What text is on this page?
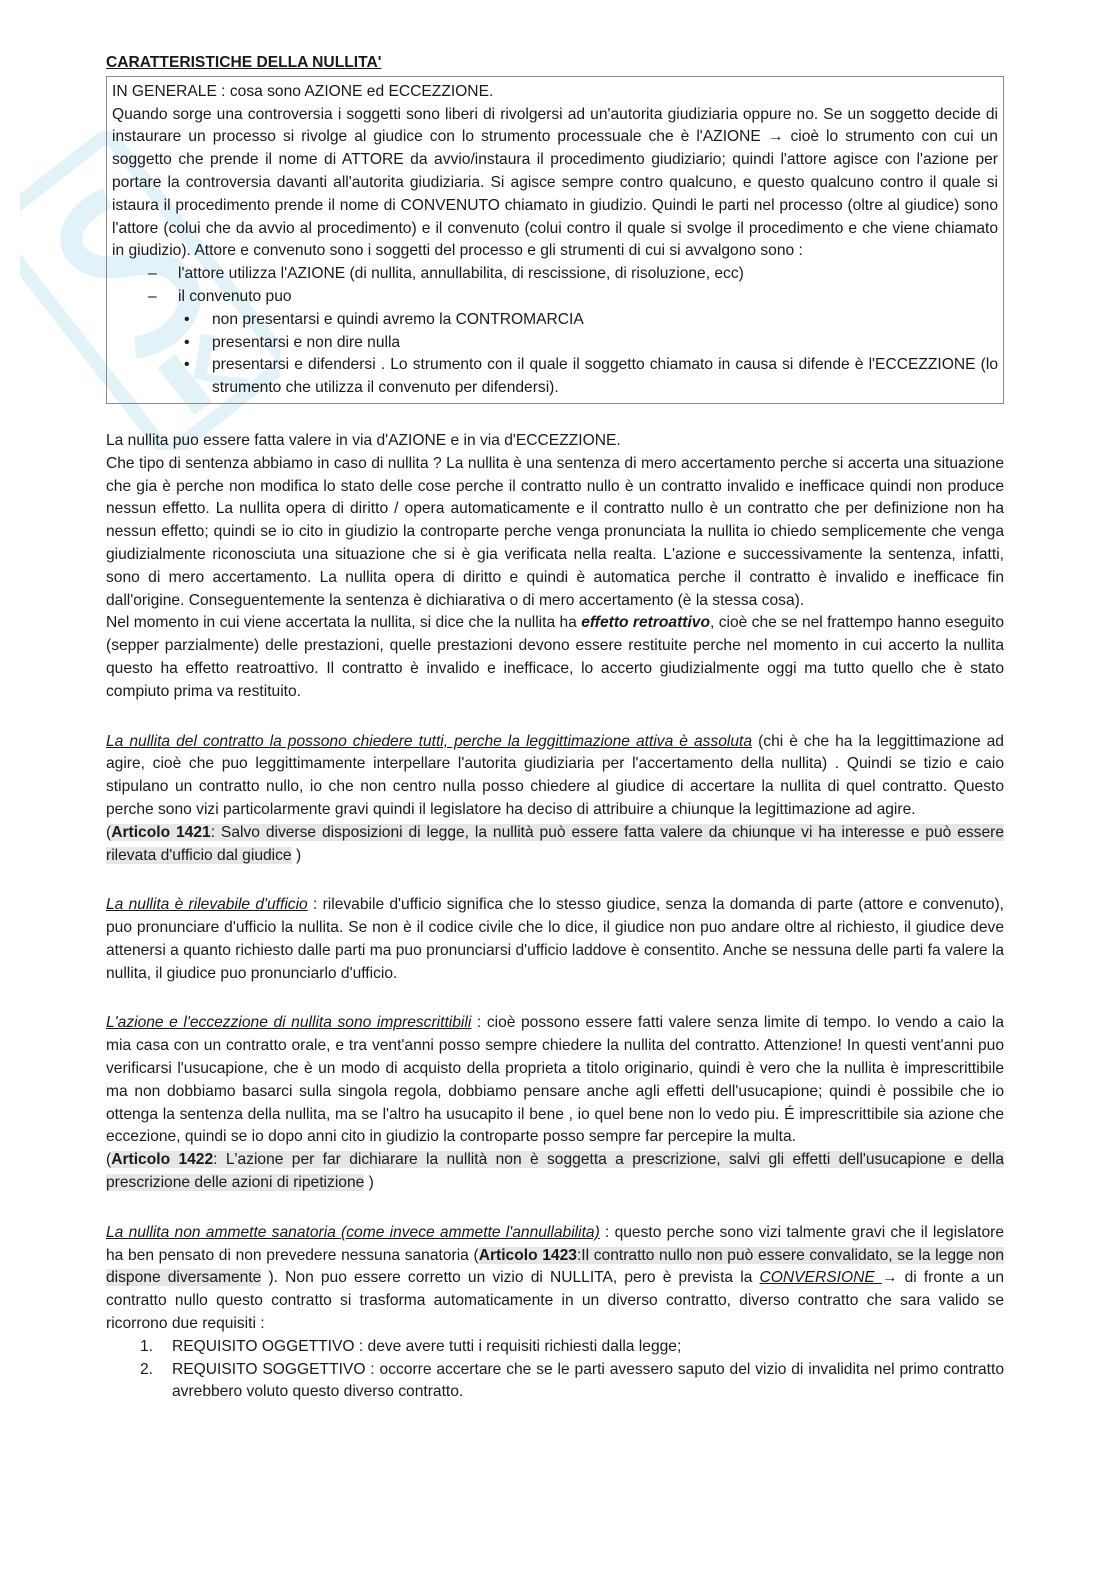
CARATTERISTICHE DELLA NULLITA'

IN GENERALE : cosa sono AZIONE ed ECCEZZIONE.

Quando sorge una controversia i soggetti sono liberi di rivolgersi ad un'autorita giudiziaria oppure no. Se un soggetto decide di instaurare un processo si rivolge al giudice con lo strumento processuale che è l'AZIONE → cioè lo strumento con cui un soggetto che prende il nome di ATTORE da avvio/instaura il procedimento giudiziario; quindi l'attore agisce con l'azione per portare la controversia davanti all'autorita giudiziaria. Si agisce sempre contro qualcuno, e questo qualcuno contro il quale si istaura il procedimento prende il nome di CONVENUTO chiamato in giudizio. Quindi le parti nel processo (oltre al giudice) sono l'attore (colui che da avvio al procedimento) e il convenuto (colui contro il quale si svolge il procedimento e che viene chiamato in giudizio). Attore e convenuto sono i soggetti del processo e gli strumenti di cui si avvalgono sono :

– l'attore utilizza l'AZIONE (di nullita, annullabilita, di rescissione, di risoluzione, ecc)
– il convenuto puo
• non presentarsi e quindi avremo la CONTROMARCIA
• presentarsi e non dire nulla
• presentarsi e difendersi . Lo strumento con il quale il soggetto chiamato in causa si difende è l'ECCEZZIONE (lo strumento che utilizza il convenuto per difendersi).

La nullita puo essere fatta valere in via d'AZIONE e in via d'ECCEZZIONE.

Che tipo di sentenza abbiamo in caso di nullita ? La nullita è una sentenza di mero accertamento perche si accerta una situazione che gia è perche non modifica lo stato delle cose perche il contratto nullo è un contratto invalido e inefficace quindi non produce nessun effetto. La nullita opera di diritto / opera automaticamente e il contratto nullo è un contratto che per definizione non ha nessun effetto; quindi se io cito in giudizio la controparte perche venga pronunciata la nullita io chiedo semplicemente che venga giudizialmente riconosciuta una situazione che si è gia verificata nella realta. L'azione e successivamente la sentenza, infatti, sono di mero accertamento. La nullita opera di diritto e quindi è automatica perche il contratto è invalido e inefficace fin dall'origine. Conseguentemente la sentenza è dichiarativa o di mero accertamento (è la stessa cosa).

Nel momento in cui viene accertata la nullita, si dice che la nullita ha effetto retroattivo, cioè che se nel frattempo hanno eseguito (sepper parzialmente) delle prestazioni, quelle prestazioni devono essere restituite perche nel momento in cui accerto la nullita questo ha effetto reatroattivo. Il contratto è invalido e inefficace, lo accerto giudizialmente oggi ma tutto quello che è stato compiuto prima va restituito.

La nullita del contratto la possono chiedere tutti, perche la leggittimazione attiva è assoluta (chi è che ha la leggittimazione ad agire, cioè che puo leggittimamente interpellare l'autorita giudiziaria per l'accertamento della nullita) . Quindi se tizio e caio stipulano un contratto nullo, io che non centro nulla posso chiedere al giudice di accertare la nullita di quel contratto. Questo perche sono vizi particolarmente gravi quindi il legislatore ha deciso di attribuire a chiunque la legittimazione ad agire.

(Articolo 1421: Salvo diverse disposizioni di legge, la nullità può essere fatta valere da chiunque vi ha interesse e può essere rilevata d'ufficio dal giudice )

La nullita è rilevabile d'ufficio : rilevabile d'ufficio significa che lo stesso giudice, senza la domanda di parte (attore e convenuto), puo pronunciare d'ufficio la nullita. Se non è il codice civile che lo dice, il giudice non puo andare oltre al richiesto, il giudice deve attenersi a quanto richiesto dalle parti ma puo pronunciarsi d'ufficio laddove è consentito. Anche se nessuna delle parti fa valere la nullita, il giudice puo pronunciarlo d'ufficio.

L'azione e l'eccezzione di nullita sono imprescrittibili : cioè possono essere fatti valere senza limite di tempo. Io vendo a caio la mia casa con un contratto orale, e tra vent'anni posso sempre chiedere la nullita del contratto. Attenzione! In questi vent'anni puo verificarsi l'usucapione, che è un modo di acquisto della proprieta a titolo originario, quindi è vero che la nullita è imprescrittibile ma non dobbiamo basarci sulla singola regola, dobbiamo pensare anche agli effetti dell'usucapione; quindi è possibile che io ottenga la sentenza della nullita, ma se l'altro ha usucapito il bene , io quel bene non lo vedo piu. É imprescrittibile sia azione che eccezione, quindi se io dopo anni cito in giudizio la controparte posso sempre far percepire la multa.

(Articolo 1422: L'azione per far dichiarare la nullità non è soggetta a prescrizione, salvi gli effetti dell'usucapione e della prescrizione delle azioni di ripetizione )

La nullita non ammette sanatoria (come invece ammette l'annullabilita) : questo perche sono vizi talmente gravi che il legislatore ha ben pensato di non prevedere nessuna sanatoria (Articolo 1423:Il contratto nullo non può essere convalidato, se la legge non dispone diversamente ). Non puo essere corretto un vizio di NULLITA, pero è prevista la CONVERSIONE → di fronte a un contratto nullo questo contratto si trasforma automaticamente in un diverso contratto, diverso contratto che sara valido se ricorrono due requisiti :

1. REQUISITO OGGETTIVO : deve avere tutti i requisiti richiesti dalla legge;
2. REQUISITO SOGGETTIVO : occorre accertare che se le parti avessero saputo del vizio di invalidita nel primo contratto avrebbero voluto questo diverso contratto.
